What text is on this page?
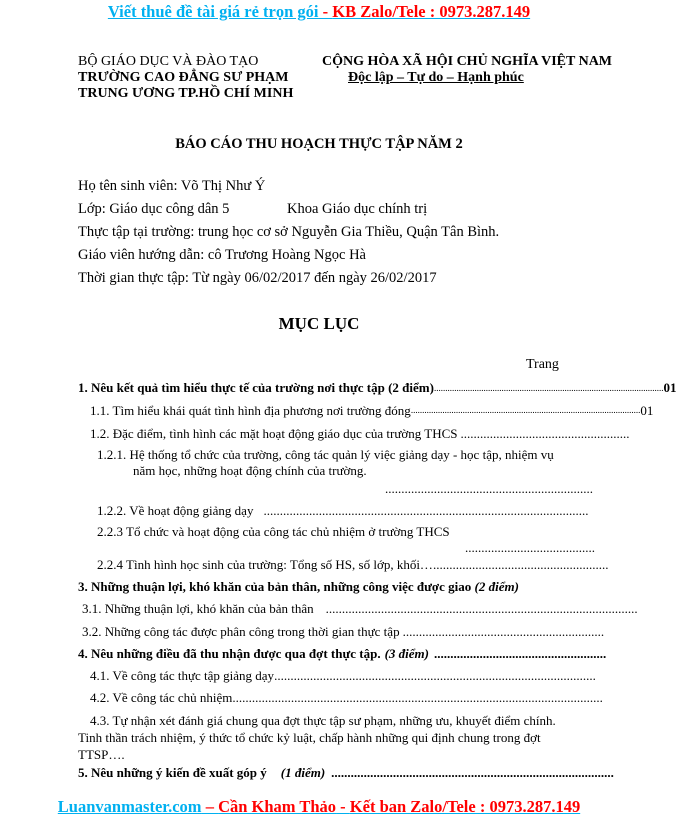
Viết thuê đề tài giá rẻ trọn gói - KB Zalo/Tele : 0973.287.149
BỘ GIÁO DỤC VÀ ĐÀO TẠO
TRƯỜNG CAO ĐẲNG SƯ PHẠM
TRUNG ƯƠNG TP.HỒ CHÍ MINH
CỘNG HÒA XÃ HỘI CHỦ NGHĨA VIỆT NAM
Độc lập – Tự do – Hạnh phúc
BÁO CÁO THU HOẠCH THỰC TẬP NĂM 2
Họ tên sinh viên: Võ Thị Như Ý
Lớp: Giáo dục công dân 5	Khoa Giáo dục chính trị
Thực tập tại trường: trung học cơ sở Nguyễn Gia Thiều, Quận Tân Bình.
Giáo viên hướng dẫn: cô Trương Hoàng Ngọc Hà
Thời gian thực tập: Từ ngày 06/02/2017 đến ngày 26/02/2017
MỤC LỤC
Trang
1. Nêu kết quả tìm hiểu thực tế của trường nơi thực tập (2 điểm) ...................................................................................................... 01
1.1. Tìm hiểu khái quát tình hình địa phương nơi trường đóng ...................................................................................................... 01
1.2. Đặc điểm, tình hình các mặt hoạt động giáo dục của trường THCS ....................................................
1.2.1. Hệ thống tổ chức của trường, công tác quản lý việc giảng dạy - học tập, nhiệm vụ
năm học, những hoạt động chính của trường.
................................................................
1.2.2. Về hoạt động giảng dạy ....................................................................................................
2.2.3 Tổ chức và hoạt động của công tác chủ nhiệm ở trường THCS
........................................
2.2.4 Tình hình học sinh của trường: Tổng số HS, số lớp, khối… ......................................................
3. Những thuận lợi, khó khăn của bản thân, những công việc được giao (2 điểm)
3.1. Những thuận lợi, khó khăn của bản thân ................................................................................................
3.2. Những công tác được phân công trong thời gian thực tập ..............................................................
4. Nêu những điều đã thu nhận được qua đợt thực tập. (3 điểm) .....................................................
4.1. Về công tác thực tập giảng dạy ...................................................................................................
4.2. Về công tác chủ nhiệm ..................................................................................................................
4.3. Tự nhận xét đánh giá chung qua đợt thực tập sư phạm, những ưu, khuyết điểm chính.
Tinh thần trách nhiệm, ý thức tổ chức kỷ luật, chấp hành những qui định chung trong đợt
TTSP….
5. Nêu những ý kiến đề xuất góp ý	(1 điểm) .......................................................................................
Luanvanmaster.com – Cần Kham Thảo - Kết ban Zalo/Tele : 0973.287.149
